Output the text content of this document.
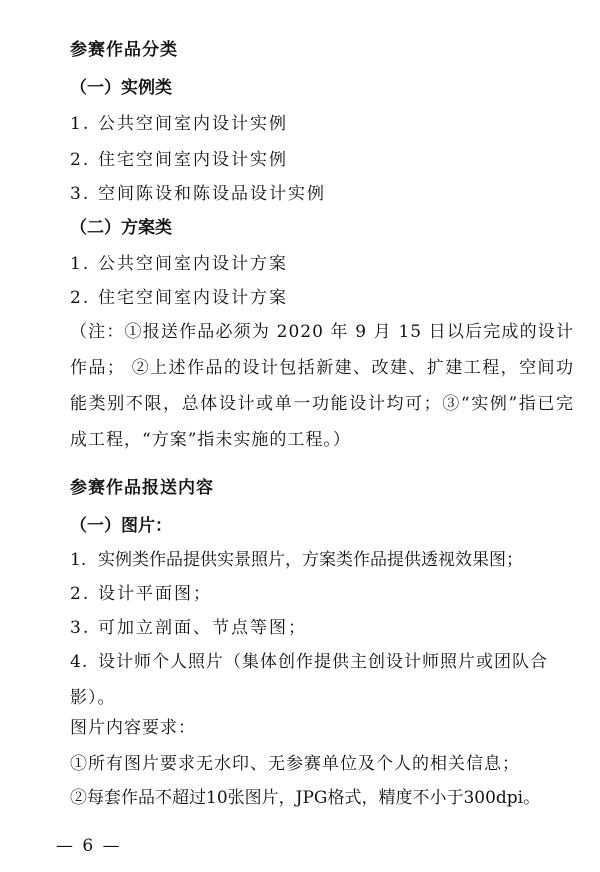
参赛作品分类
（一）实例类
1. 公共空间室内设计实例
2. 住宅空间室内设计实例
3. 空间陈设和陈设品设计实例
（二）方案类
1. 公共空间室内设计方案
2. 住宅空间室内设计方案
（注：①报送作品必须为 2020 年 9 月 15 日以后完成的设计作品； ②上述作品的设计包括新建、改建、扩建工程，空间功能类别不限，总体设计或单一功能设计均可；③“实例”指已完成工程，“方案”指未实施的工程。）
参赛作品报送内容
（一）图片：
1. 实例类作品提供实景照片，方案类作品提供透视效果图；
2. 设计平面图；
3. 可加立剖面、节点等图；
4. 设计师个人照片（集体创作提供主创设计师照片或团队合影）。
图片内容要求：
①所有图片要求无水印、无参赛单位及个人的相关信息；
②每套作品不超过10张图片，JPG格式，精度不小于300dpi。
— 6 —
